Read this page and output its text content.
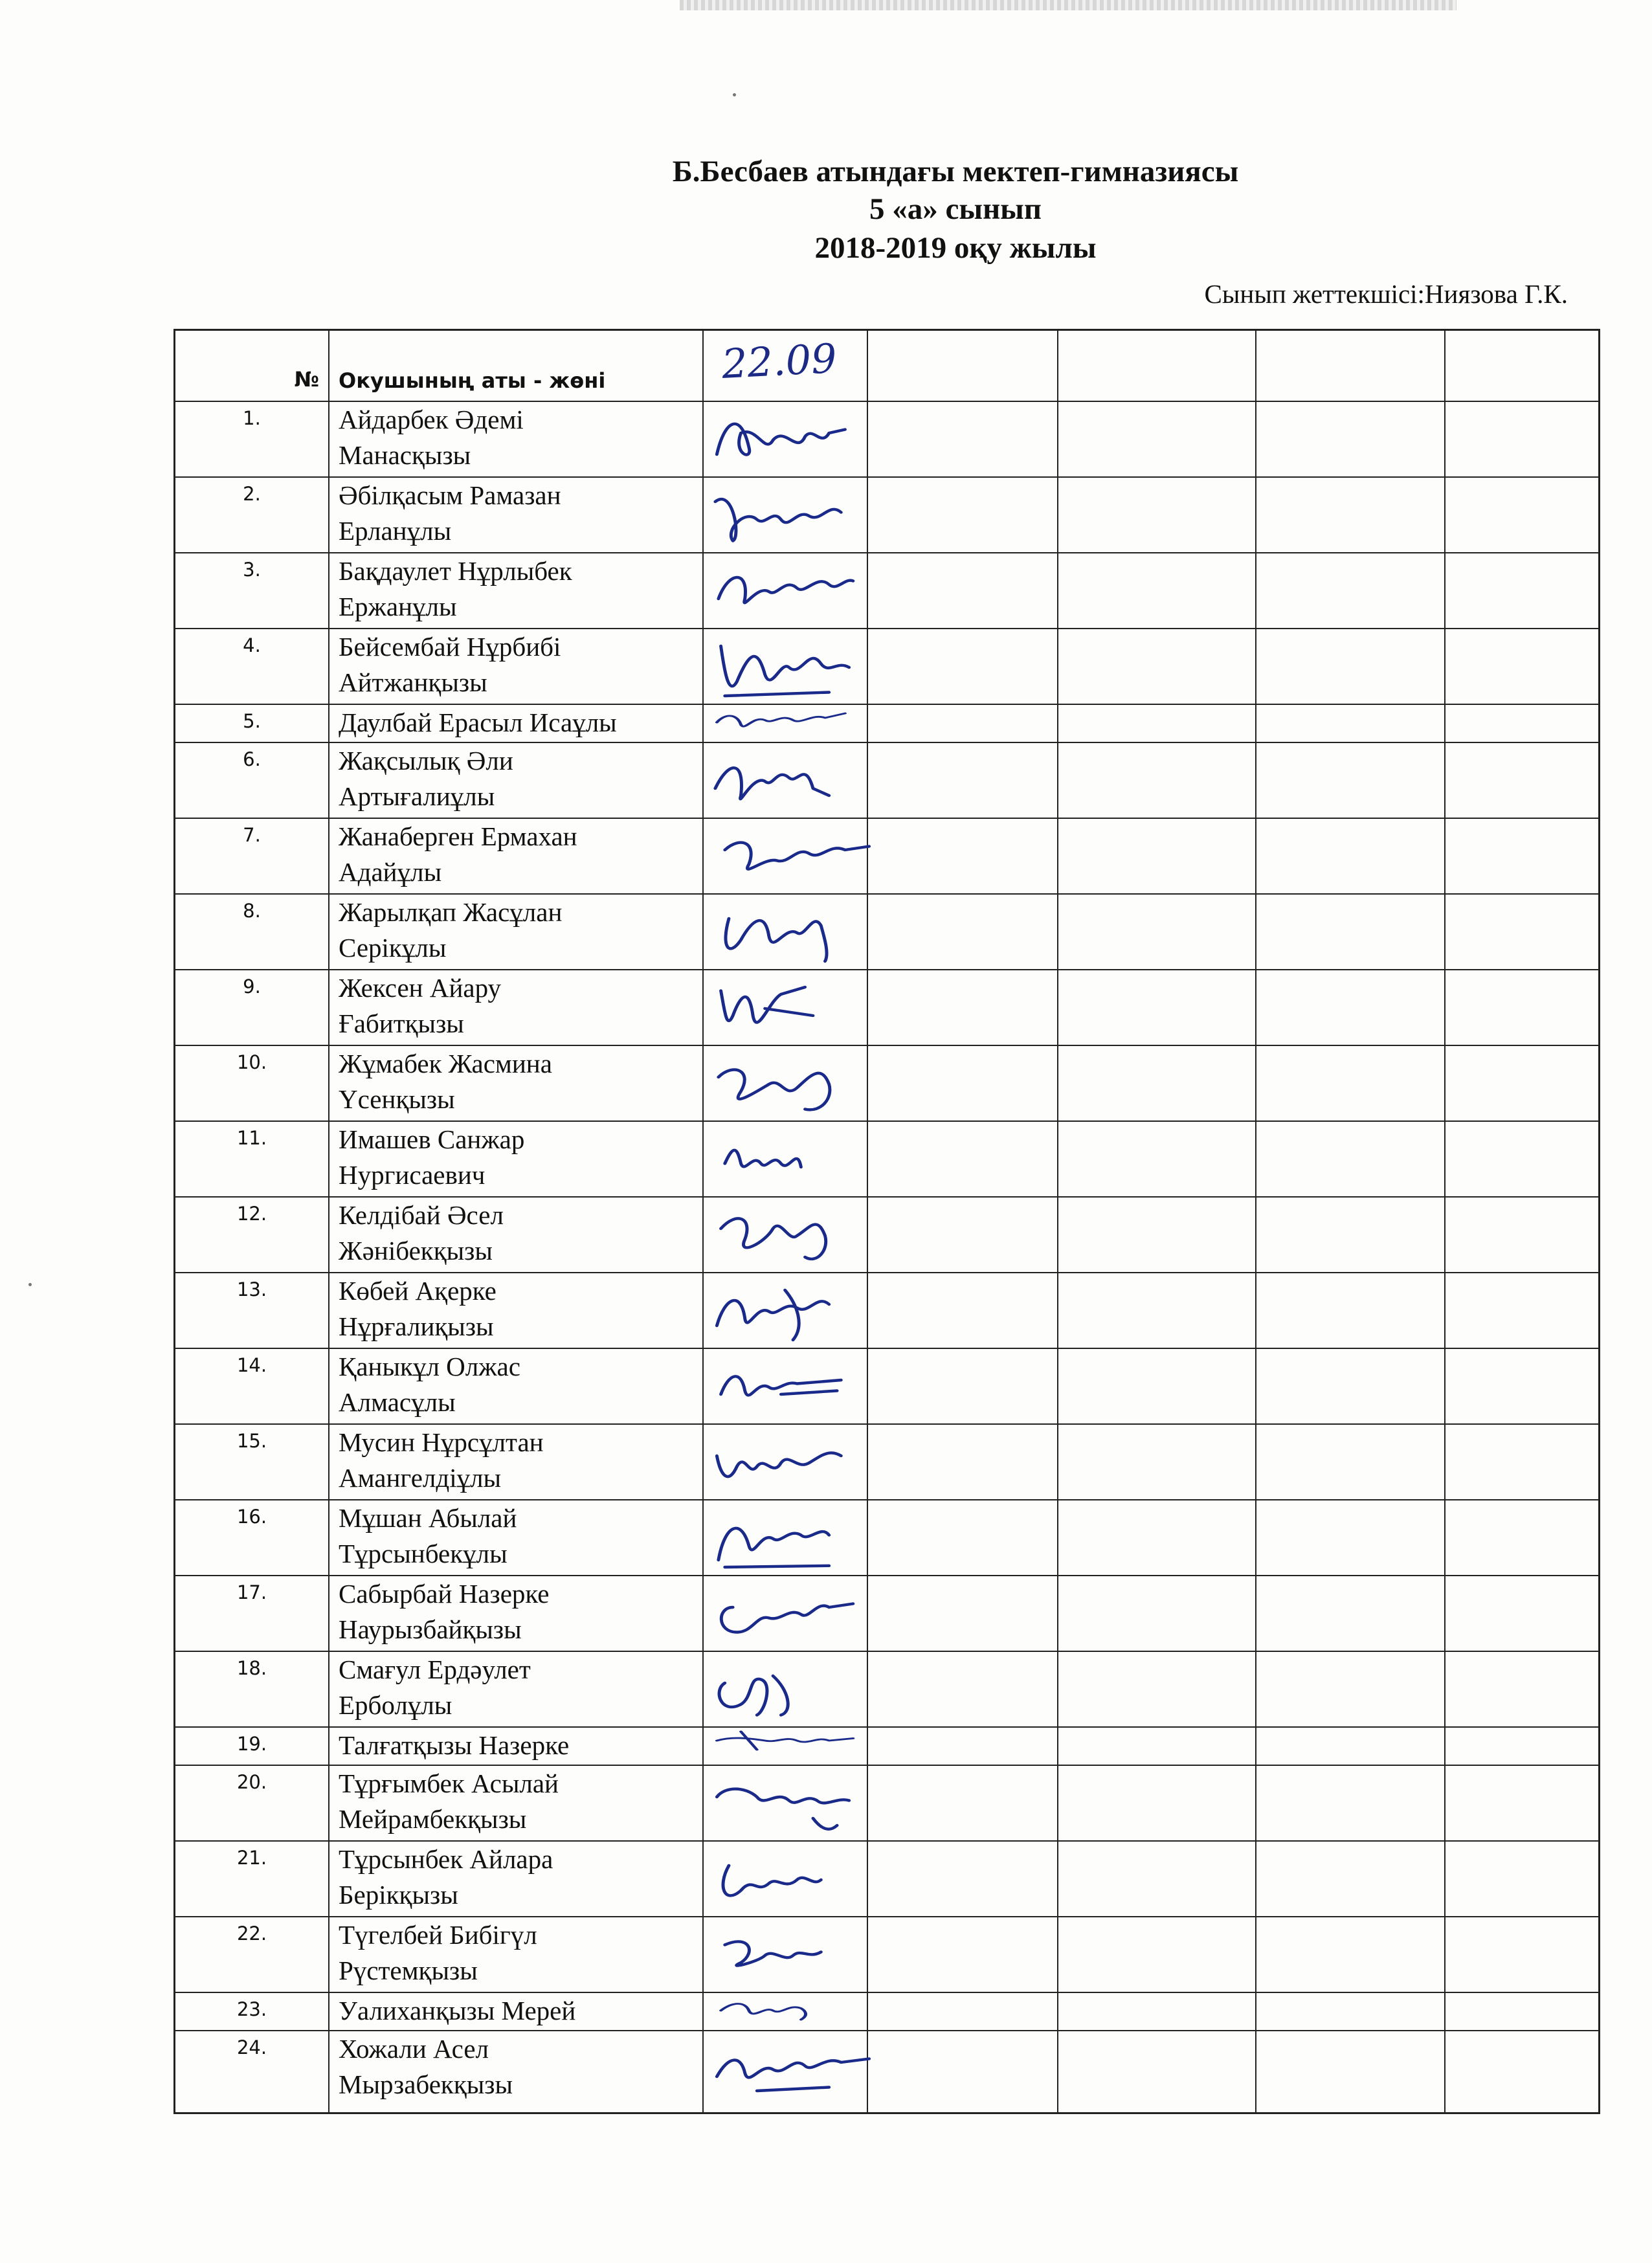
Б.Бесбаев атындағы мектеп-гимназиясы
5 «а» сынып
2018-2019 оқу жылы
Сынып жеттекшісі:Ниязова Г.К.
№ Окушының аты - жөні	22.09
1.	Айдарбек Әдемі
Манасқызы
2.	Әбілқасым Рамазан
Ерланұлы
3.	Бақдаулет Нұрлыбек
Ержанұлы
4.	Бейсембай Нұрбибі
Айтжанқызы
5.	Даулбай Ерасыл Исаұлы
6.	Жақсылық Әли
Артығалиұлы
7.	Жанаберген Ермахан
Адайұлы
8.	Жарылқап Жасұлан
Серікұлы
9.	Жексен Айару
Ғабитқызы
10.	Жұмабек Жасмина
Үсенқызы
11.	Имашев Санжар
Нургисаевич
12.	Келдібай Әсел
Жәнібекқызы
13.	Көбей Ақерке
Нұрғалиқызы
14.	Қаныкұл Олжас
Алмасұлы
15.	Мусин Нұрсұлтан
Амангелдіұлы
16.	Мұшан Абылай
Тұрсынбекұлы
17.	Сабырбай Назерке
Наурызбайқызы
18.	Смағул Ердәулет
Ерболұлы
19.	Талғатқызы Назерке
20.	Тұрғымбек Асылай
Мейрамбекқызы
21.	Тұрсынбек Айлара
Берікқызы
22.	Түгелбей Бибігүл
Рүстемқызы
23.	Уалиханқызы Мерей
24.	Хожали Асел
Мырзабекқызы
